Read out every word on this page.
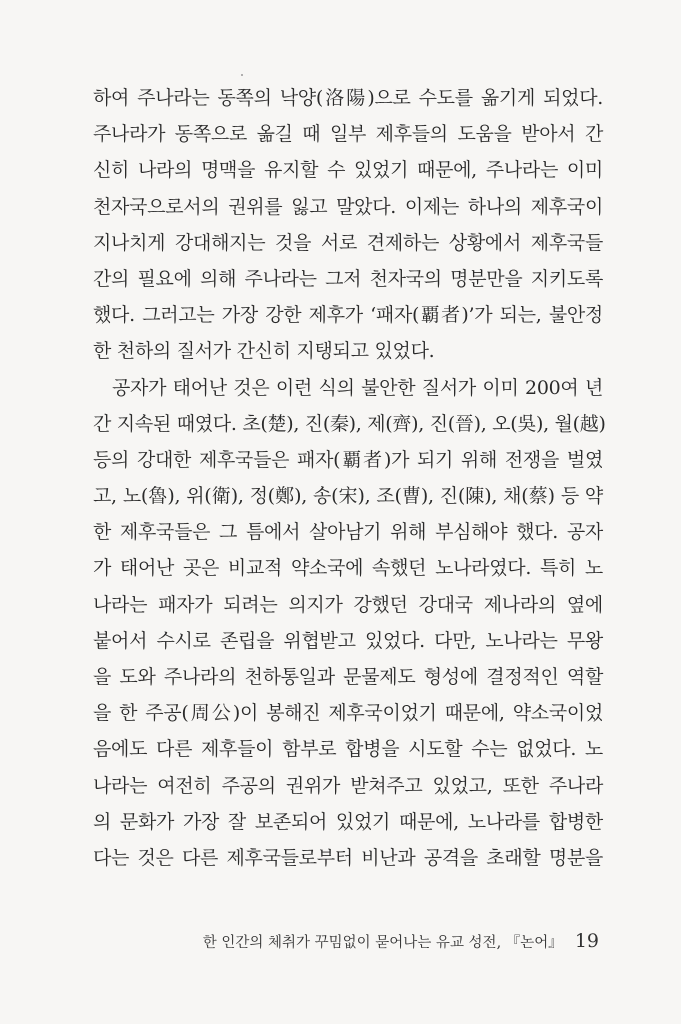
하여 주나라는 동쪽의 낙양(洛陽)으로 수도를 옮기게 되었다.
주나라가 동쪽으로 옮길 때 일부 제후들의 도움을 받아서 간
신히 나라의 명맥을 유지할 수 있었기 때문에, 주나라는 이미
천자국으로서의 권위를 잃고 말았다. 이제는 하나의 제후국이
지나치게 강대해지는 것을 서로 견제하는 상황에서 제후국들
간의 필요에 의해 주나라는 그저 천자국의 명분만을 지키도록
했다. 그러고는 가장 강한 제후가 ‘패자(覇者)’가 되는, 불안정
한 천하의 질서가 간신히 지탱되고 있었다.
공자가 태어난 것은 이런 식의 불안한 질서가 이미 200여 년
간 지속된 때였다. 초(楚), 진(秦), 제(齊), 진(晉), 오(吳), 월(越)
등의 강대한 제후국들은 패자(覇者)가 되기 위해 전쟁을 벌였
고, 노(魯), 위(衛), 정(鄭), 송(宋), 조(曹), 진(陳), 채(蔡) 등 약
한 제후국들은 그 틈에서 살아남기 위해 부심해야 했다. 공자
가 태어난 곳은 비교적 약소국에 속했던 노나라였다. 특히 노
나라는 패자가 되려는 의지가 강했던 강대국 제나라의 옆에
붙어서 수시로 존립을 위협받고 있었다. 다만, 노나라는 무왕
을 도와 주나라의 천하통일과 문물제도 형성에 결정적인 역할
을 한 주공(周公)이 봉해진 제후국이었기 때문에, 약소국이었
음에도 다른 제후들이 함부로 합병을 시도할 수는 없었다. 노
나라는 여전히 주공의 권위가 받쳐주고 있었고, 또한 주나라
의 문화가 가장 잘 보존되어 있었기 때문에, 노나라를 합병한
다는 것은 다른 제후국들로부터 비난과 공격을 초래할 명분을
한 인간의 체취가 꾸밈없이 묻어나는 유교 성전, 『논어』 19
